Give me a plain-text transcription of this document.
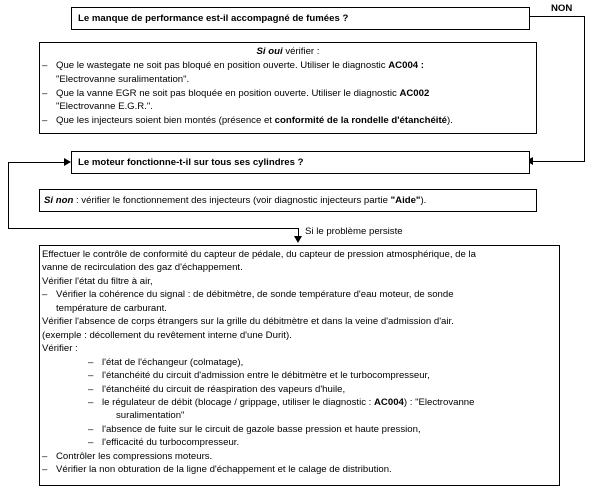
Le manque de performance est-il accompagné de fumées ?
NON
Si oui vérifier :
– Que le wastegate ne soit pas bloqué en position ouverte. Utiliser le diagnostic AC004 :
"Electrovanne suralimentation".
– Que la vanne EGR ne soit pas bloquée en position ouverte. Utiliser le diagnostic AC002
"Electrovanne E.G.R.".
– Que les injecteurs soient bien montés (présence et conformité de la rondelle d'étanchéité).
Le moteur fonctionne-t-il sur tous ses cylindres ?
Si non : vérifier le fonctionnement des injecteurs (voir diagnostic injecteurs partie "Aide").
Si le problème persiste
Effectuer le contrôle de conformité du capteur de pédale, du capteur de pression atmosphérique, de la
vanne de recirculation des gaz d'échappement.
Vérifier l'état du filtre à air,
– Vérifier la cohérence du signal : de débitmètre, de sonde température d'eau moteur, de sonde
température de carburant.
Vérifier l'absence de corps étrangers sur la grille du débitmètre et dans la veine d'admission d'air.
(exemple : décollement du revêtement interne d'une Durit).
Vérifier :
– l'état de l'échangeur (colmatage),
– l'étanchéité du circuit d'admission entre le débitmètre et le turbocompresseur,
– l'étanchéité du circuit de réaspiration des vapeurs d'huile,
– le régulateur de débit (blocage / grippage, utiliser le diagnostic : AC004) : "Electrovanne
suralimentation"
– l'absence de fuite sur le circuit de gazole basse pression et haute pression,
– l'efficacité du turbocompresseur.
– Contrôler les compressions moteurs.
– Vérifier la non obturation de la ligne d'échappement et le calage de distribution.
